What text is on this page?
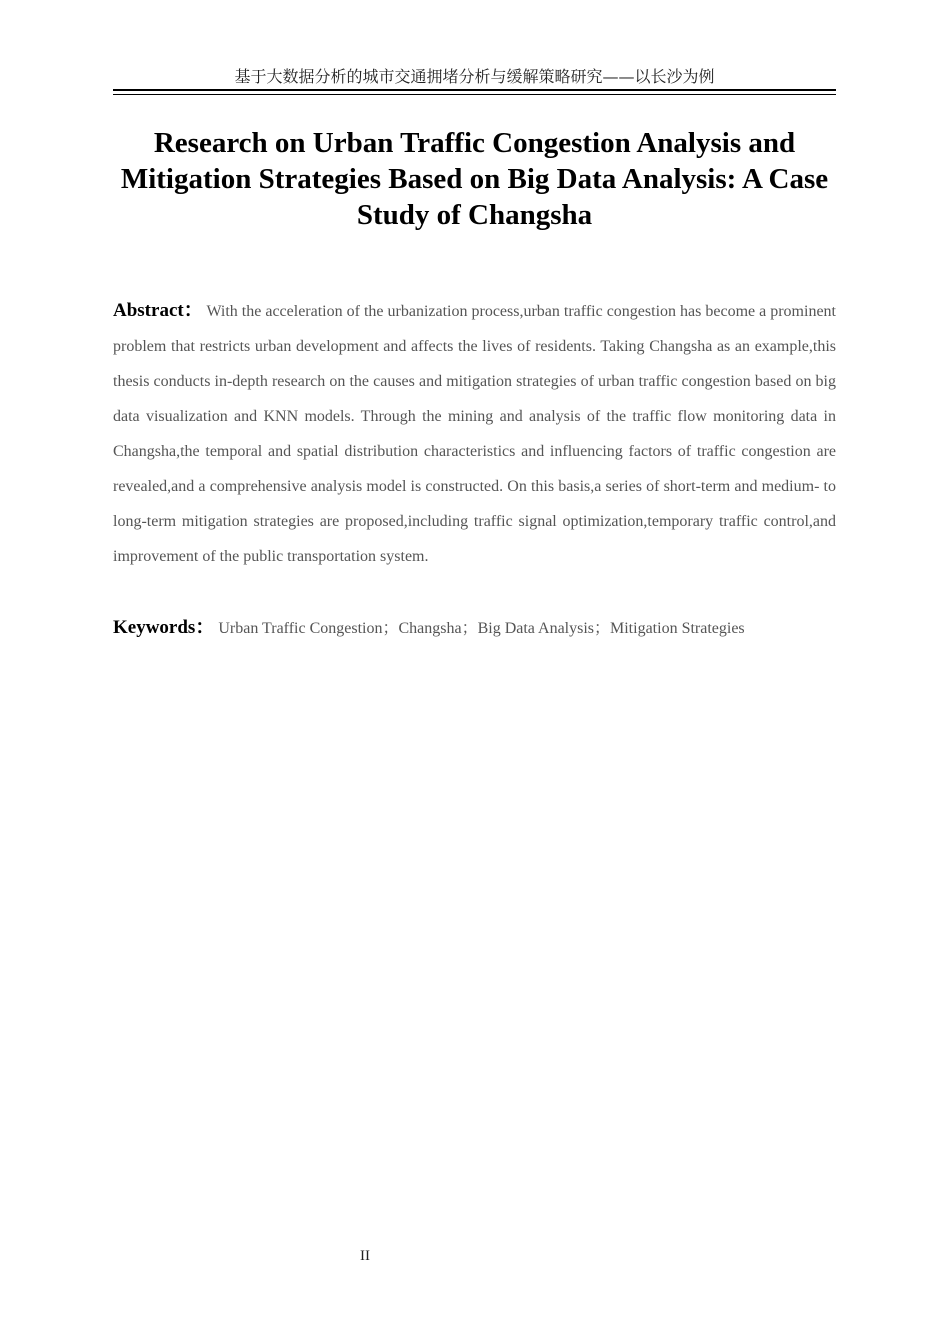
基于大数据分析的城市交通拥堵分析与缓解策略研究——以长沙为例
Research on Urban Traffic Congestion Analysis and Mitigation Strategies Based on Big Data Analysis: A Case Study of Changsha

Abstract： With the acceleration of the urbanization process,urban traffic congestion has become a prominent problem that restricts urban development and affects the lives of residents. Taking Changsha as an example,this thesis conducts in-depth research on the causes and mitigation strategies of urban traffic congestion based on big data visualization and KNN models. Through the mining and analysis of the traffic flow monitoring data in Changsha,the temporal and spatial distribution characteristics and influencing factors of traffic congestion are revealed,and a comprehensive analysis model is constructed. On this basis,a series of short-term and medium- to long-term mitigation strategies are proposed,including traffic signal optimization,temporary traffic control,and improvement of the public transportation system.

Keywords： Urban Traffic Congestion；Changsha；Big Data Analysis；Mitigation Strategies

II
